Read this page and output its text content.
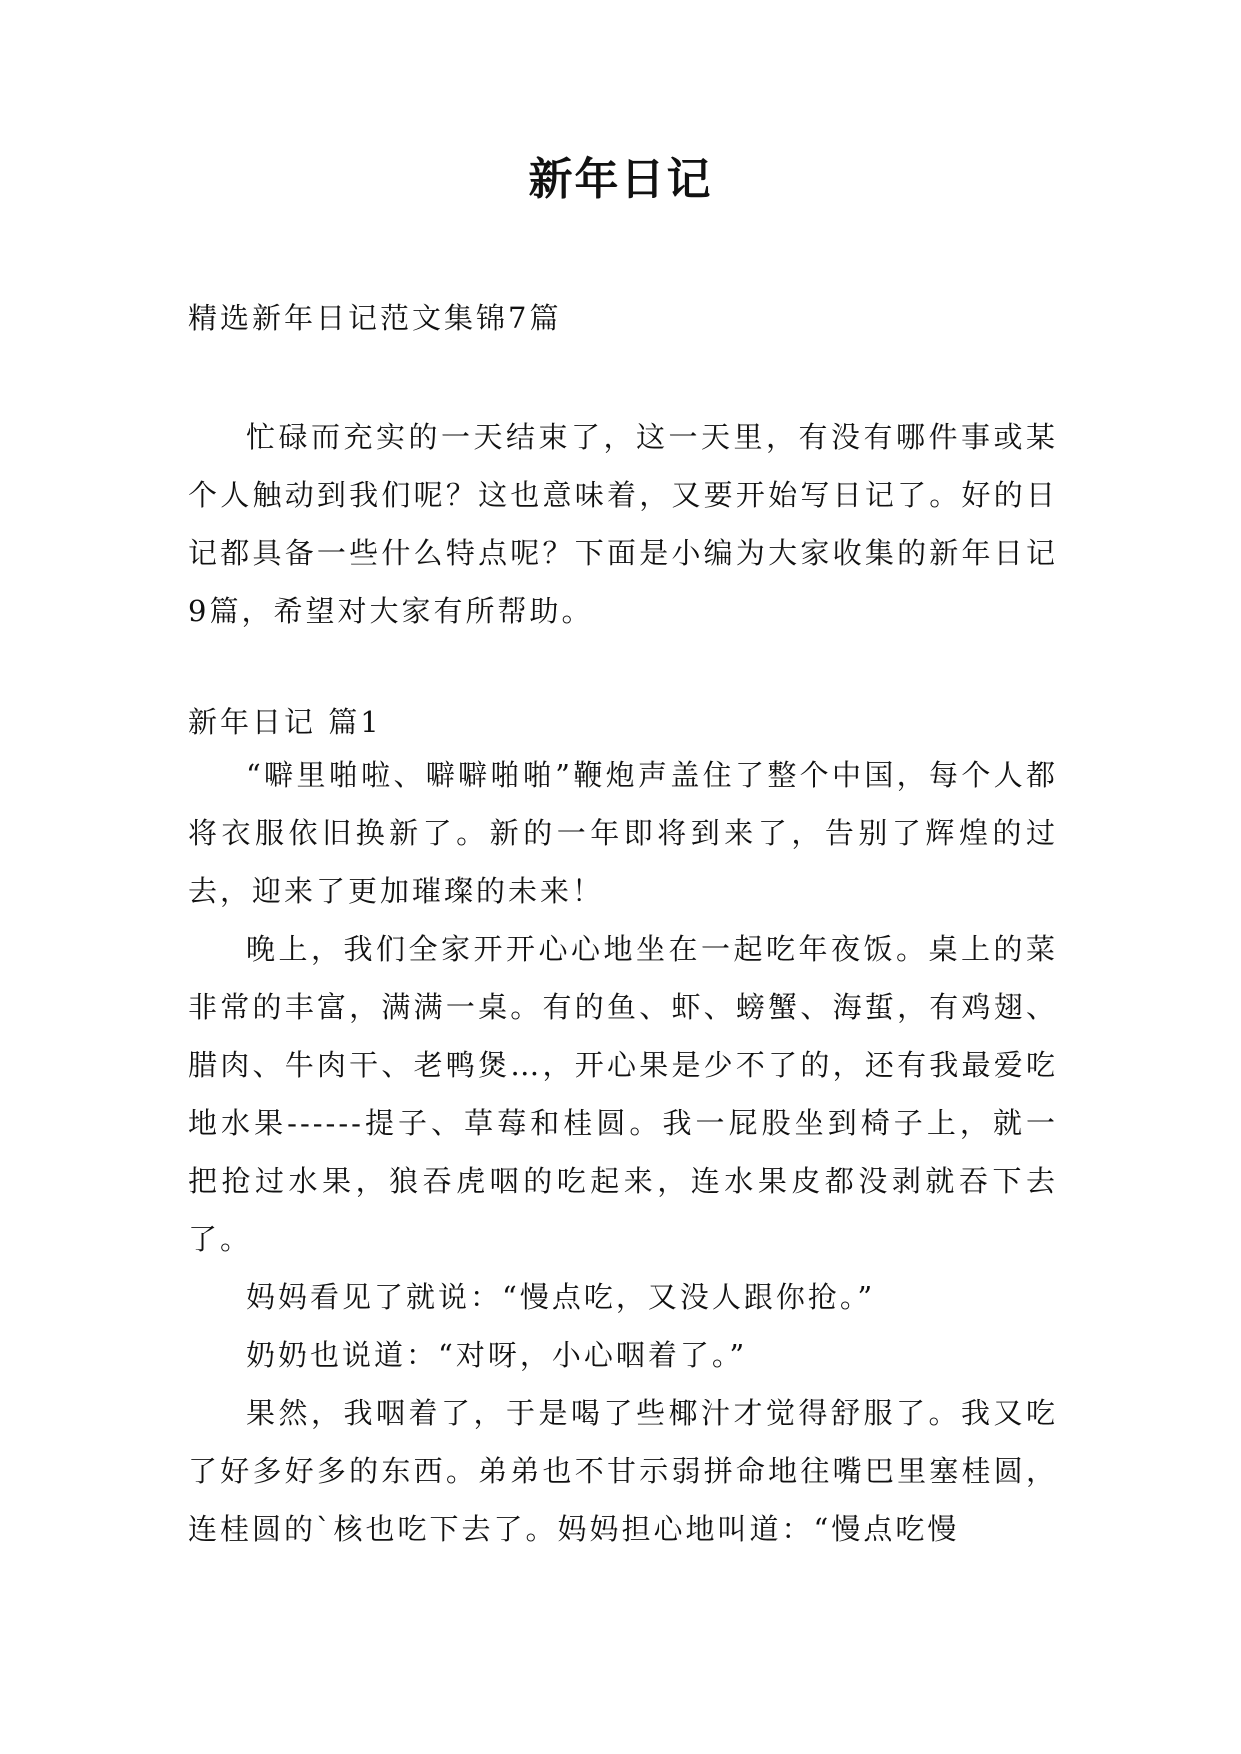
新年日记
精选新年日记范文集锦7篇

忙碌而充实的一天结束了，这一天里，有没有哪件事或某个人触动到我们呢？这也意味着，又要开始写日记了。好的日记都具备一些什么特点呢？下面是小编为大家收集的新年日记9篇，希望对大家有所帮助。

新年日记 篇1

“噼里啪啦、噼噼啪啪”鞭炮声盖住了整个中国，每个人都将衣服依旧换新了。新的一年即将到来了，告别了辉煌的过去，迎来了更加璀璨的未来！

晚上，我们全家开开心心地坐在一起吃年夜饭。桌上的菜非常的丰富，满满一桌。有的鱼、虾、螃蟹、海蜇，有鸡翅、腊肉、牛肉干、老鸭煲…，开心果是少不了的，还有我最爱吃地水果------提子、草莓和桂圆。我一屁股坐到椅子上，就一把抢过水果，狼吞虎咽的吃起来，连水果皮都没剥就吞下去了。

妈妈看见了就说：“慢点吃，又没人跟你抢。”

奶奶也说道：“对呀，小心咽着了。”

果然，我咽着了，于是喝了些椰汁才觉得舒服了。我又吃了好多好多的东西。弟弟也不甘示弱拼命地往嘴巴里塞桂圆，连桂圆的`核也吃下去了。妈妈担心地叫道：“慢点吃慢
